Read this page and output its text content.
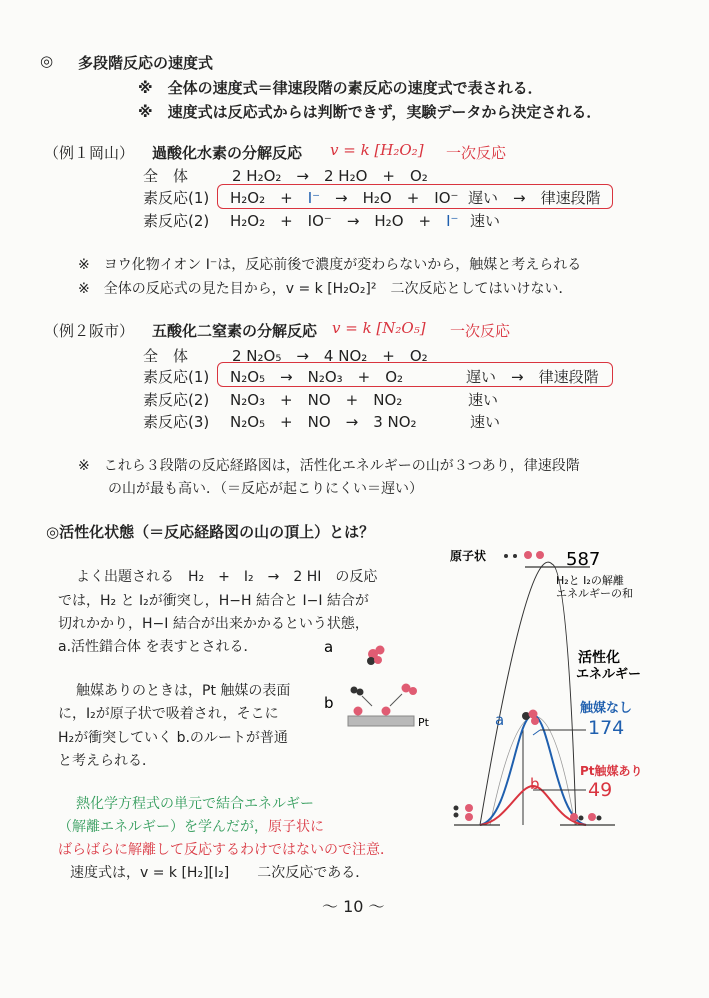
◎ 多段階反応の速度式
※　全体の速度式＝律速段階の素反応の速度式で表される．
※　速度式は反応式からは判断できず，実験データから決定される．
（例１岡山） 過酸化水素の分解反応 v = k [H₂O₂] 一次反応
全　体	2 H₂O₂　→　2 H₂O　+　O₂
素反応(1) H₂O₂　+　I⁻　→　H₂O　+　IO⁻ 遅い　→　律速段階
素反応(2) H₂O₂　+　IO⁻　→　H₂O　+　I⁻ 速い
※　ヨウ化物イオン I⁻は，反応前後で濃度が変わらないから，触媒と考えられる
※　全体の反応式の見た目から，v = k [H₂O₂]²　二次反応としてはいけない．
（例２阪市） 五酸化二窒素の分解反応 v = k [N₂O₅] 一次反応
全　体	2 N₂O₅　→　4 NO₂　+　O₂
素反応(1) N₂O₅　→　N₂O₃　+　O₂	遅い　→　律速段階
素反応(2) N₂O₃　+　NO　+　NO₂	速い
素反応(3) N₂O₅　+　NO　→　3 NO₂	速い
※　これら３段階の反応経路図は，活性化エネルギーの山が３つあり，律速段階
の山が最も高い．（＝反応が起こりにくい＝遅い）
◎活性化状態（＝反応経路図の山の頂上）とは？
よく出題される　H₂　+　I₂　→　2 HI　の反応
では，H₂ と I₂が衝突し，H−H 結合と I−I 結合が
切れかかり，H−I 結合が出来かかるという状態，
a.活性錯合体 を表すとされる．
触媒ありのときは，Pt 触媒の表面
に，I₂が原子状で吸着され，そこに
H₂が衝突していく b.のルートが普通
と考えられる．
熱化学方程式の単元で結合エネルギー
（解離エネルギー）を学んだが，原子状に
ばらばらに解離して反応するわけではないので注意．
速度式は，v = k [H₂][I₂]　　二次反応である．
a
b
Pt
原子状	587
H₂と I₂の解離
エネルギーの和
活性化
エネルギー
触媒なし
174
a
Pt触媒あり
49
b
～ 10 ～
